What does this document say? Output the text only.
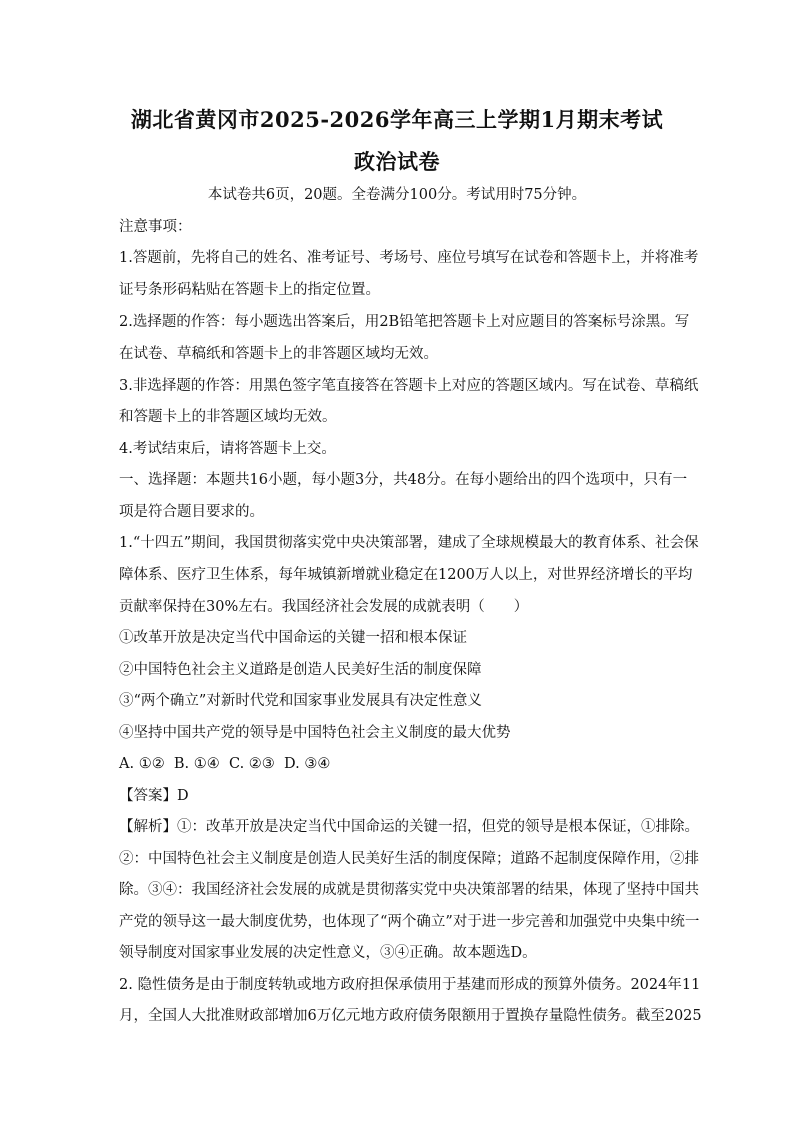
湖北省黄冈市2025-2026学年高三上学期1月期末考试
政治试卷
本试卷共6页，20题。全卷满分100分。考试用时75分钟。
注意事项：
1.答题前，先将自己的姓名、准考证号、考场号、座位号填写在试卷和答题卡上，并将准考
证号条形码粘贴在答题卡上的指定位置。
2.选择题的作答：每小题选出答案后，用2B铅笔把答题卡上对应题目的答案标号涂黑。写
在试卷、草稿纸和答题卡上的非答题区域均无效。
3.非选择题的作答：用黑色签字笔直接答在答题卡上对应的答题区域内。写在试卷、草稿纸
和答题卡上的非答题区域均无效。
4.考试结束后，请将答题卡上交。
一、选择题：本题共16小题，每小题3分，共48分。在每小题给出的四个选项中，只有一
项是符合题目要求的。
1.“十四五”期间，我国贯彻落实党中央决策部署，建成了全球规模最大的教育体系、社会保
障体系、医疗卫生体系，每年城镇新增就业稳定在1200万人以上，对世界经济增长的平均
贡献率保持在30%左右。我国经济社会发展的成就表明（　　）
①改革开放是决定当代中国命运的关键一招和根本保证
②中国特色社会主义道路是创造人民美好生活的制度保障
③“两个确立”对新时代党和国家事业发展具有决定性意义
④坚持中国共产党的领导是中国特色社会主义制度的最大优势
A. ①②  B. ①④  C. ②③  D. ③④
【答案】D
【解析】①：改革开放是决定当代中国命运的关键一招，但党的领导是根本保证，①排除。
②：中国特色社会主义制度是创造人民美好生活的制度保障；道路不起制度保障作用，②排
除。③④：我国经济社会发展的成就是贯彻落实党中央决策部署的结果，体现了坚持中国共
产党的领导这一最大制度优势，也体现了“两个确立”对于进一步完善和加强党中央集中统一
领导制度对国家事业发展的决定性意义，③④正确。故本题选D。
2. 隐性债务是由于制度转轨或地方政府担保承债用于基建而形成的预算外债务。2024年11
月，全国人大批准财政部增加6万亿元地方政府债务限额用于置换存量隐性债务。截至2025
